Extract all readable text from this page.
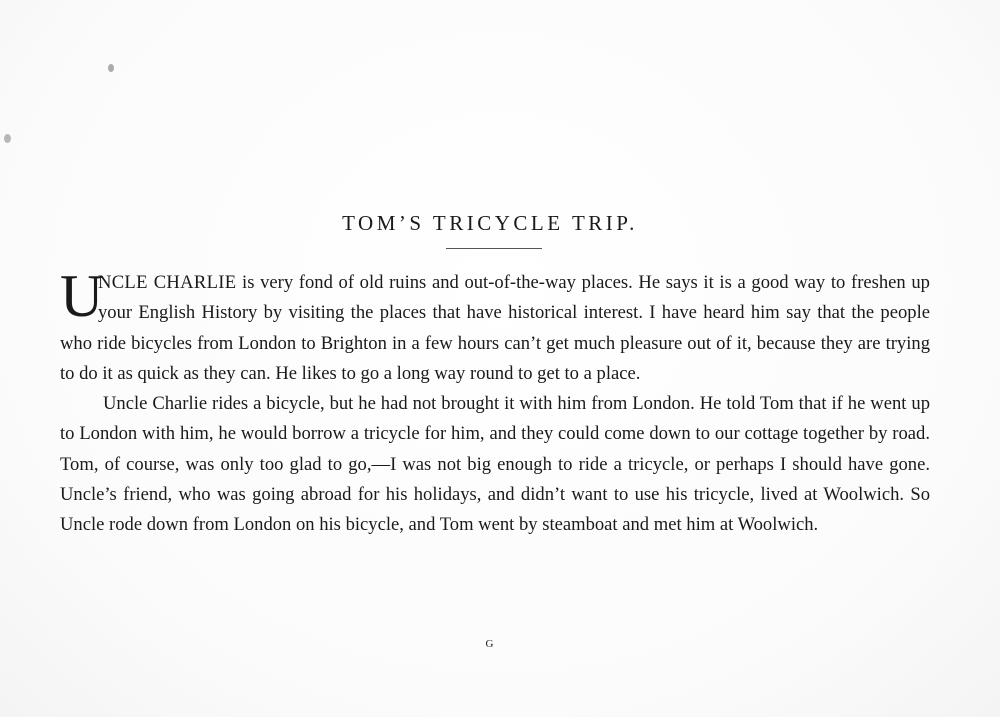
TOM’S TRICYCLE TRIP.

U
NCLE CHARLIE is very fond of old ruins and out-of-the-way places. He says it is a good way to freshen up your English History by visiting the places that have historical interest. I have heard him say that the people who ride bicycles from London to Brighton in a few hours can’t get much pleasure out of it, because they are trying to do it as quick as they can. He likes to go a long way round to get to a place.

Uncle Charlie rides a bicycle, but he had not brought it with him from London. He told Tom that if he went up to London with him, he would borrow a tricycle for him, and they could come down to our cottage together by road. Tom, of course, was only too glad to go,—I was not big enough to ride a tricycle, or perhaps I should have gone. Uncle’s friend, who was going abroad for his holidays, and didn’t want to use his tricycle, lived at Woolwich. So Uncle rode down from London on his bicycle, and Tom went by steamboat and met him at Woolwich.

G
